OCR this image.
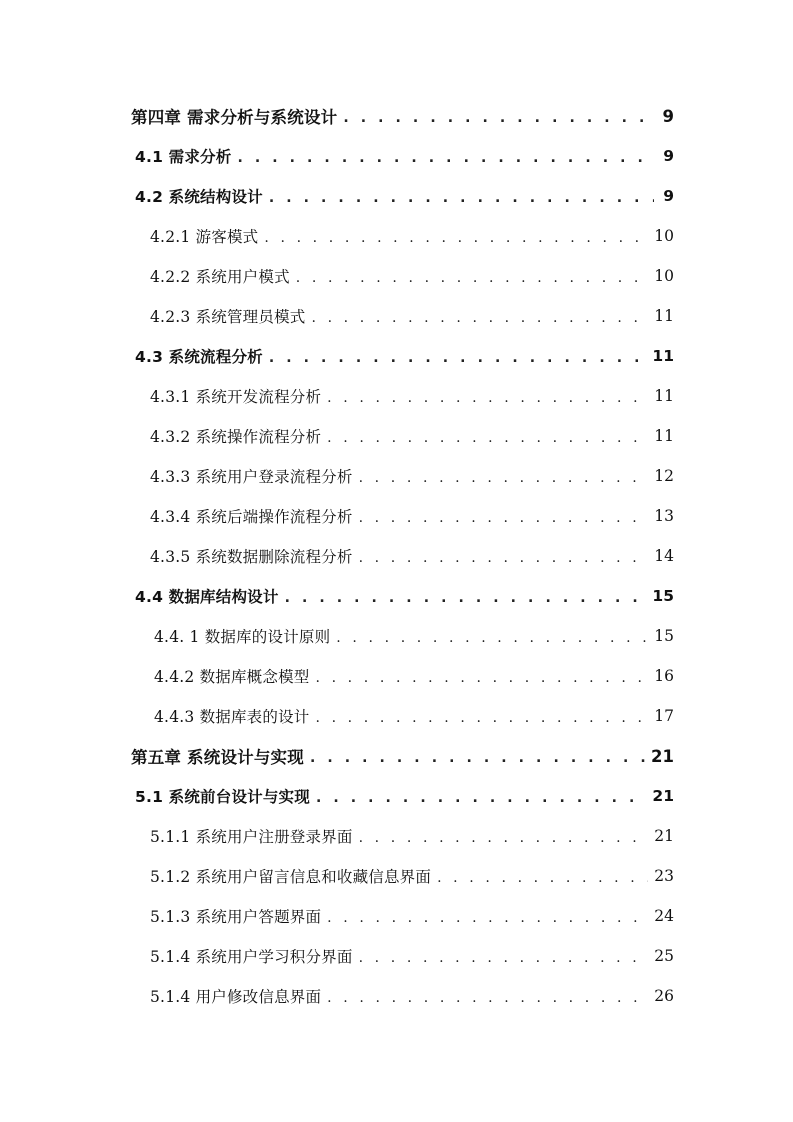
第四章 需求分析与系统设计 . . .	9
4.1 需求分析 . . .	9
4.2 系统结构设计 . . .	9
4.2.1 游客模式 . . .	10
4.2.2 系统用户模式 . . .	10
4.2.3 系统管理员模式 . . .	11
4.3 系统流程分析 . . .	11
4.3.1 系统开发流程分析 . . .	11
4.3.2 系统操作流程分析 . . .	11
4.3.3 系统用户登录流程分析 . . .	12
4.3.4 系统后端操作流程分析 . . .	13
4.3.5 系统数据删除流程分析 . . .	14
4.4 数据库结构设计 . . .	15
4.4. 1 数据库的设计原则 . . .	15
4.4.2 数据库概念模型 . . .	16
4.4.3 数据库表的设计 . . .	17
第五章 系统设计与实现 . . .	21
5.1 系统前台设计与实现 . . .	21
5.1.1 系统用户注册登录界面 . . .	21
5.1.2 系统用户留言信息和收藏信息界面 . . .	23
5.1.3 系统用户答题界面 . . .	24
5.1.4 系统用户学习积分界面 . . .	25
5.1.4 用户修改信息界面 . . .	26
